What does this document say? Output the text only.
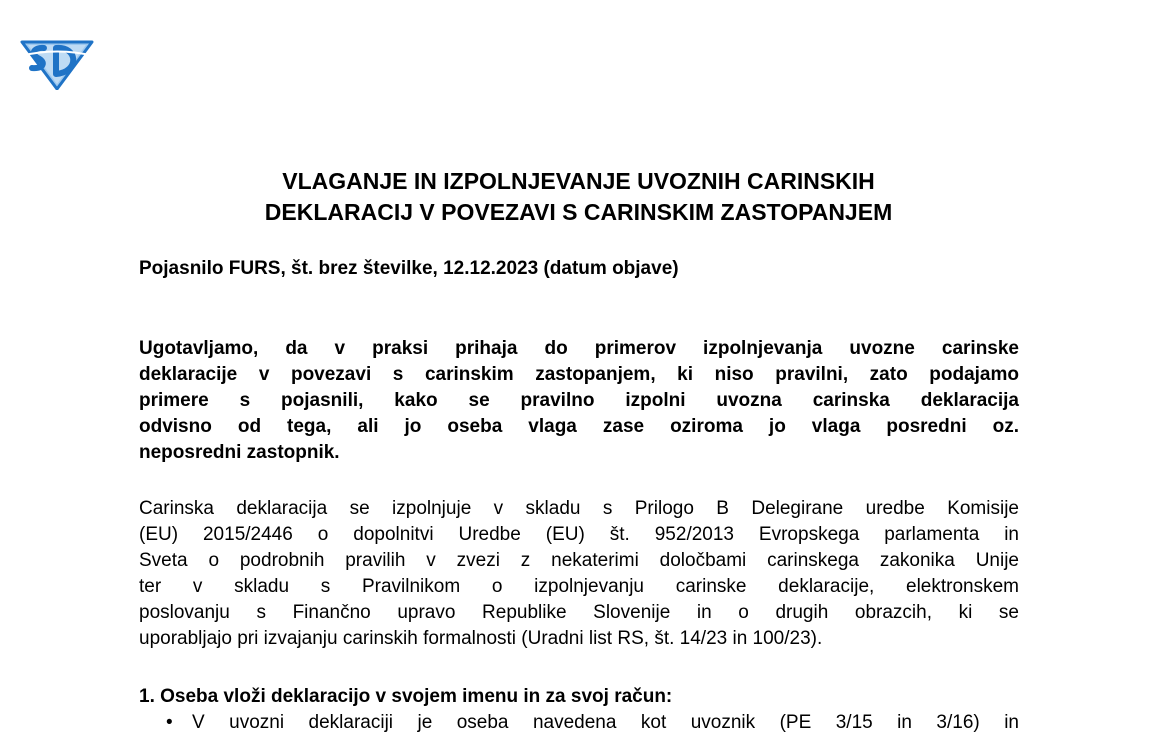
VLAGANJE IN IZPOLNJEVANJE UVOZNIH CARINSKIH
DEKLARACIJ V POVEZAVI S CARINSKIM ZASTOPANJEM

Pojasnilo FURS, št. brez številke, 12.12.2023 (datum objave)

Ugotavljamo, da v praksi prihaja do primerov izpolnjevanja uvozne carinske
deklaracije v povezavi s carinskim zastopanjem, ki niso pravilni, zato podajamo
primere s pojasnili, kako se pravilno izpolni uvozna carinska deklaracija
odvisno od tega, ali jo oseba vlaga zase oziroma jo vlaga posredni oz.
neposredni zastopnik.

Carinska deklaracija se izpolnjuje v skladu s Prilogo B Delegirane uredbe Komisije
(EU) 2015/2446 o dopolnitvi Uredbe (EU) št. 952/2013 Evropskega parlamenta in
Sveta o podrobnih pravilih v zvezi z nekaterimi določbami carinskega zakonika Unije
ter v skladu s Pravilnikom o izpolnjevanju carinske deklaracije, elektronskem
poslovanju s Finančno upravo Republike Slovenije in o drugih obrazcih, ki se
uporabljajo pri izvajanju carinskih formalnosti (Uradni list RS, št. 14/23 in 100/23).

1. Oseba vloži deklaracijo v svojem imenu in za svoj račun:

• V uvozni deklaraciji je oseba navedena kot uvoznik (PE 3/15 in 3/16) in
